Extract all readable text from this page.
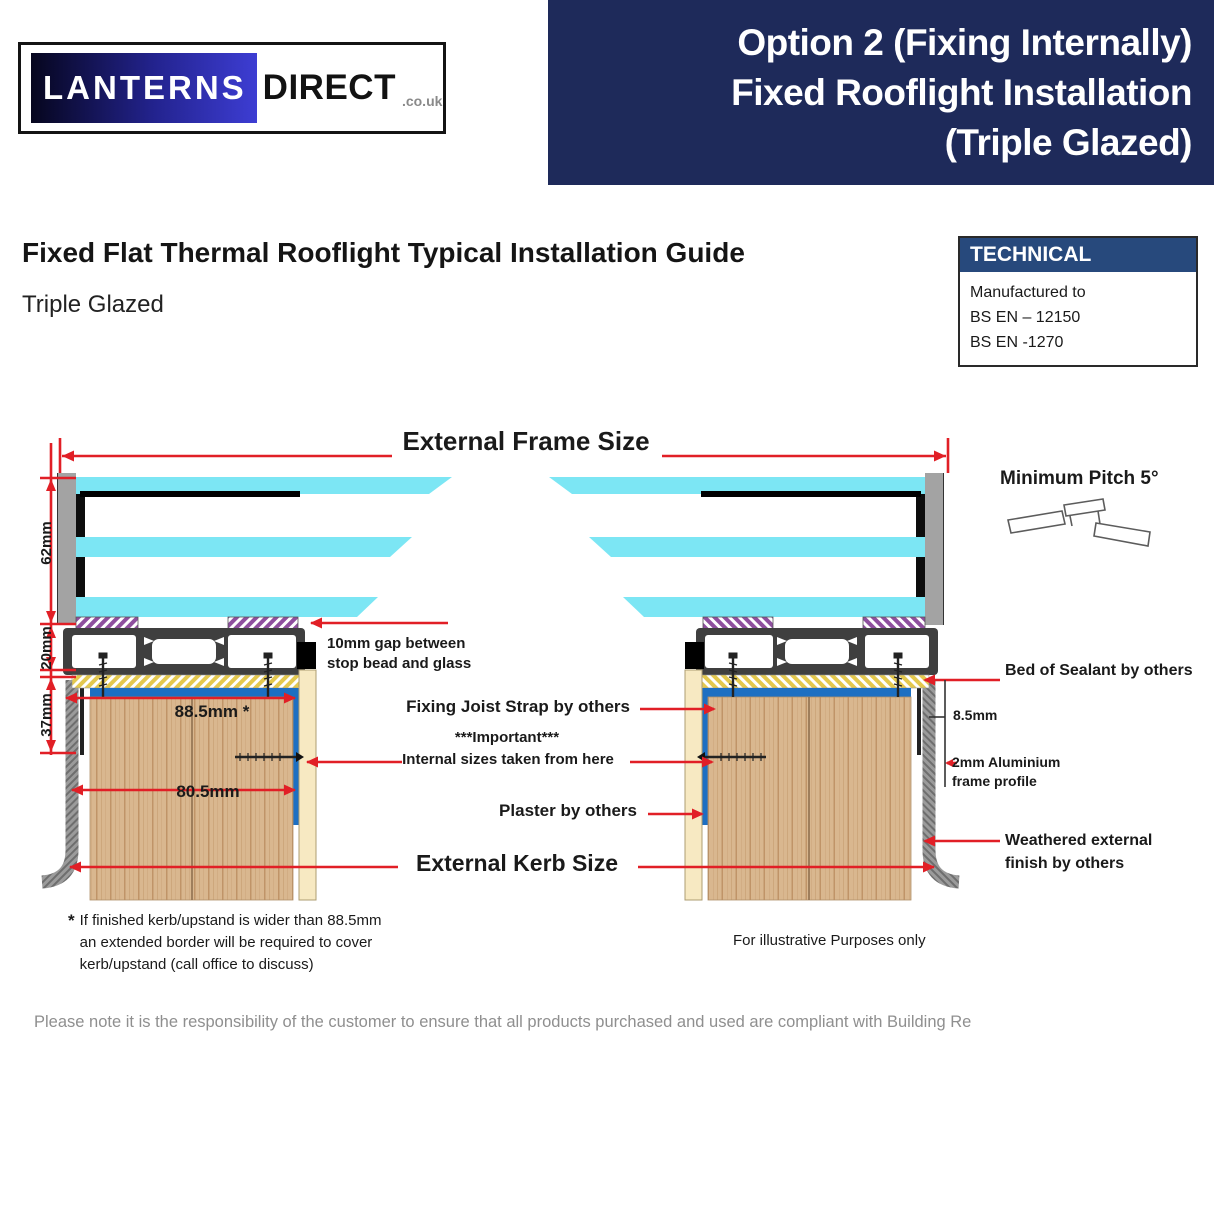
Option 2 (Fixing Internally)
Fixed Rooflight Installation
(Triple Glazed)
LANTERNS DIRECT .co.uk
Fixed Flat Thermal Rooflight Typical Installation Guide
Triple Glazed
TECHNICAL
Manufactured to
BS EN – 12150
BS EN -1270
External Frame Size
Minimum Pitch 5°
62mm
20mm
37mm
10mm gap between
stop bead and glass
88.5mm *
80.5mm
Fixing Joist Strap by others
***Important***
Internal sizes taken from here
Plaster by others
External Kerb Size
Bed of Sealant by others
8.5mm
2mm Aluminium
frame profile
Weathered external
finish by others
* If finished kerb/upstand is wider than 88.5mm
an extended border will be required to cover
kerb/upstand (call office to discuss)
For illustrative Purposes only
Please note it is the responsibility of the customer to ensure that all products purchased and used are compliant with Building Re
